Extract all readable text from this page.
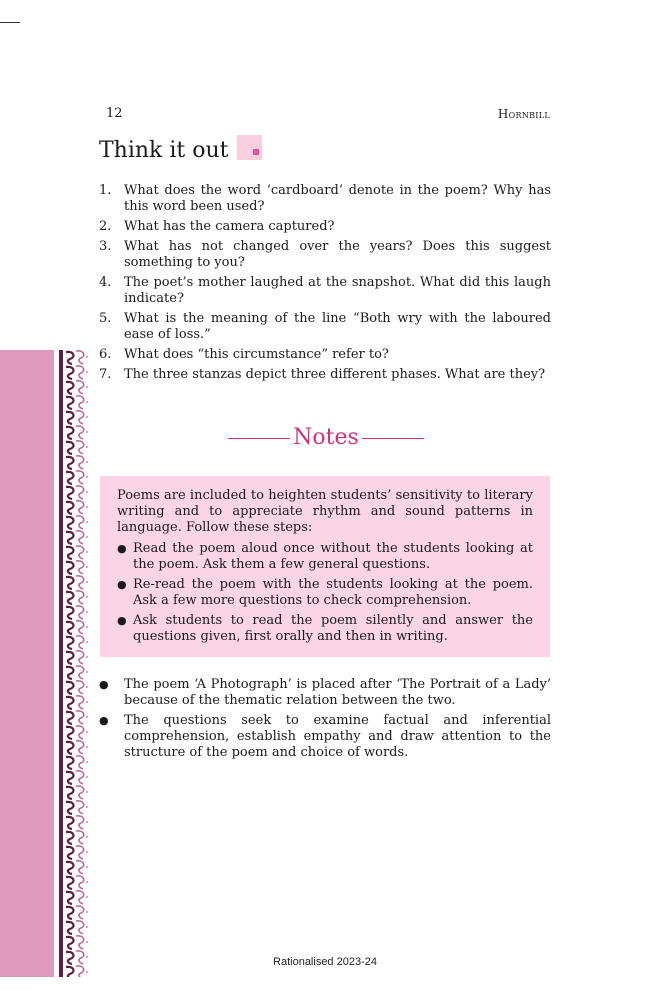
12	Hornbill
Think it out
1. What does the word ‘cardboard’ denote in the poem? Why has this word been used?
2. What has the camera captured?
3. What has not changed over the years? Does this suggest something to you?
4. The poet’s mother laughed at the snapshot. What did this laugh indicate?
5. What is the meaning of the line “Both wry with the laboured ease of loss.”
6. What does “this circumstance” refer to?
7. The three stanzas depict three different phases. What are they?
Notes

Poems are included to heighten students’ sensitivity to literary writing and to appreciate rhythm and sound patterns in language. Follow these steps:

● Read the poem aloud once without the students looking at the poem. Ask them a few general questions.
● Re-read the poem with the students looking at the poem. Ask a few more questions to check comprehension.
● Ask students to read the poem silently and answer the questions given, first orally and then in writing.
●	The poem ‘A Photograph’ is placed after ‘The Portrait of a Lady’ because of the thematic relation between the two.
●	The questions seek to examine factual and inferential comprehension, establish empathy and draw attention to the structure of the poem and choice of words.
Rationalised 2023-24
